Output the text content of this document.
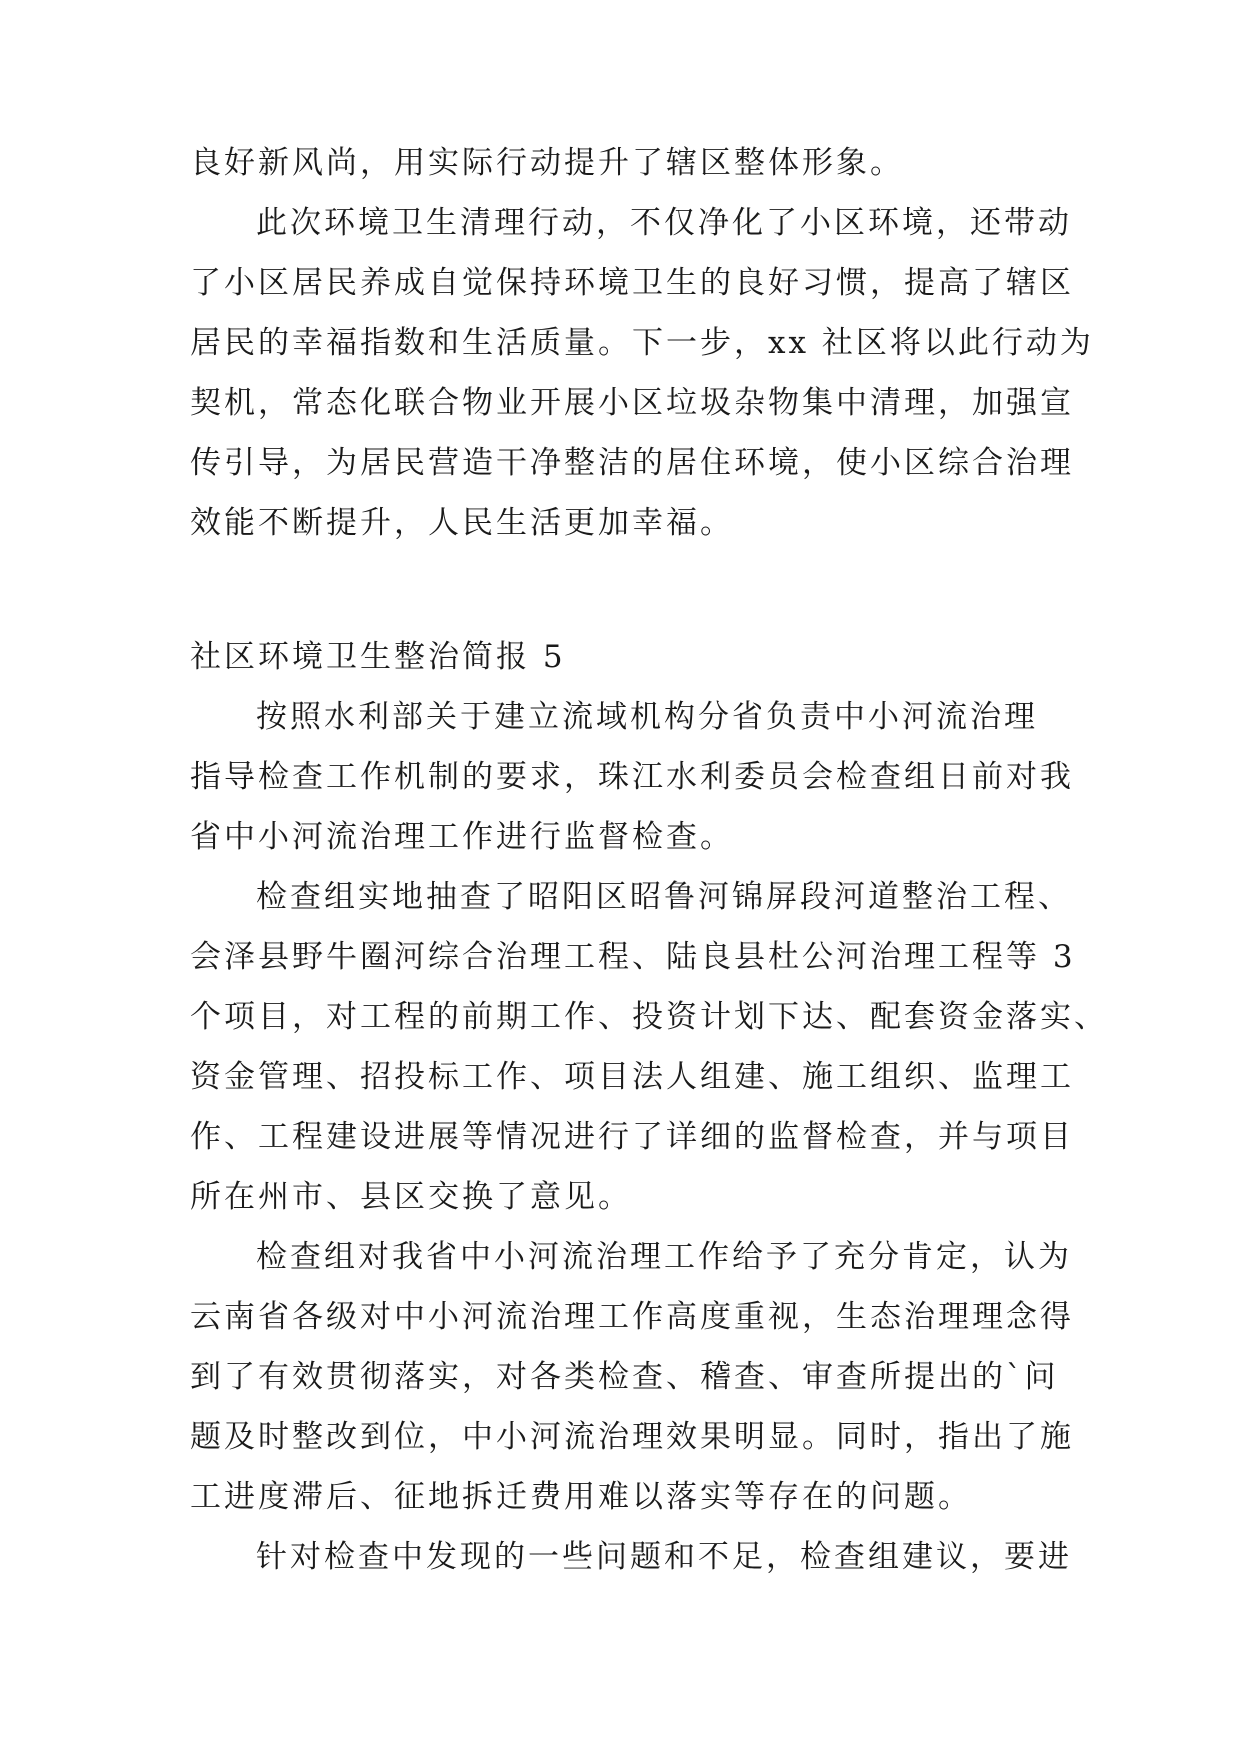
良好新风尚，用实际行动提升了辖区整体形象。
此次环境卫生清理行动，不仅净化了小区环境，还带动
了小区居民养成自觉保持环境卫生的良好习惯，提高了辖区
居民的幸福指数和生活质量。下一步，xx 社区将以此行动为
契机，常态化联合物业开展小区垃圾杂物集中清理，加强宣
传引导，为居民营造干净整洁的居住环境，使小区综合治理
效能不断提升，人民生活更加幸福。
社区环境卫生整治简报 5
按照水利部关于建立流域机构分省负责中小河流治理
指导检查工作机制的要求，珠江水利委员会检查组日前对我
省中小河流治理工作进行监督检查。
检查组实地抽查了昭阳区昭鲁河锦屏段河道整治工程、
会泽县野牛圈河综合治理工程、陆良县杜公河治理工程等 3
个项目，对工程的前期工作、投资计划下达、配套资金落实、
资金管理、招投标工作、项目法人组建、施工组织、监理工
作、工程建设进展等情况进行了详细的监督检查，并与项目
所在州市、县区交换了意见。
检查组对我省中小河流治理工作给予了充分肯定，认为
云南省各级对中小河流治理工作高度重视，生态治理理念得
到了有效贯彻落实，对各类检查、稽查、审查所提出的`问
题及时整改到位，中小河流治理效果明显。同时，指出了施
工进度滞后、征地拆迁费用难以落实等存在的问题。
针对检查中发现的一些问题和不足，检查组建议，要进
